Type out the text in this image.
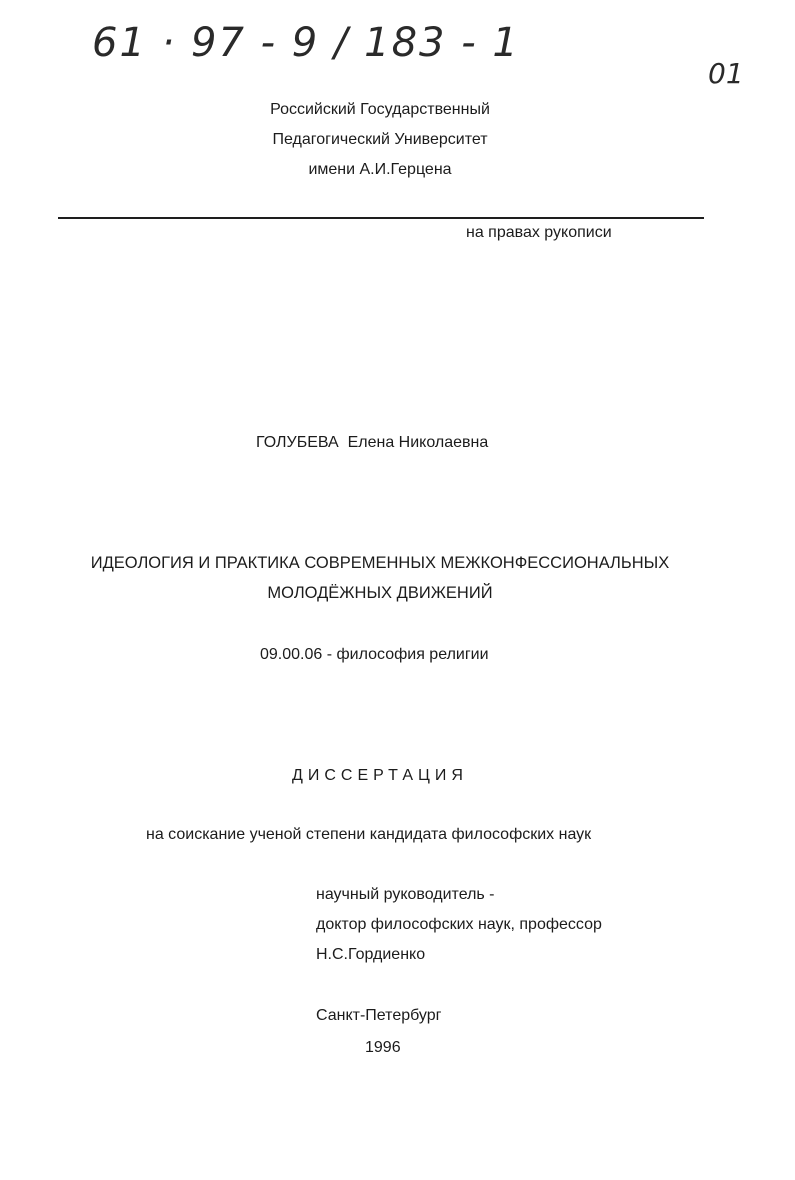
61 · 97 - 9 / 183 - 1
01
Российский Государственный
Педагогический Университет
имени А.И.Герцена
на правах рукописи
ГОЛУБЕВА Елена Николаевна
ИДЕОЛОГИЯ И ПРАКТИКА СОВРЕМЕННЫХ МЕЖКОНФЕССИОНАЛЬНЫХ
МОЛОДЁЖНЫХ ДВИЖЕНИЙ
09.00.06 - философия религии
ДИССЕРТАЦИЯ
на соискание ученой степени кандидата философских наук
научный руководитель -
доктор философских наук, профессор
Н.С.Гордиенко
Санкт-Петербург
1996
